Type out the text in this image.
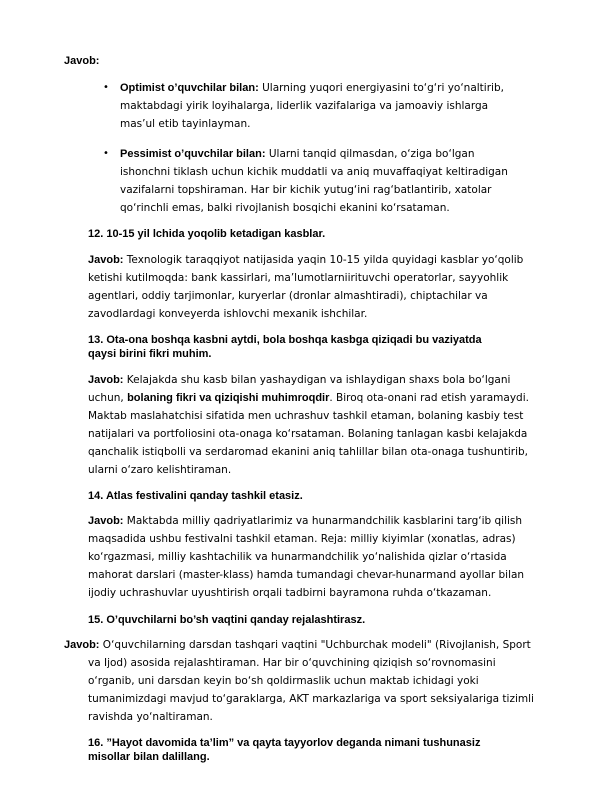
Javob:
• Optimist o’quvchilar bilan: Ularning yuqori energiyasini to‘g‘ri yo‘naltirib,
maktabdagi yirik loyihalarga, liderlik vazifalariga va jamoaviy ishlarga
mas’ul etib tayinlayman.
• Pessimist o’quvchilar bilan: Ularni tanqid qilmasdan, o‘ziga bo‘lgan
ishonchni tiklash uchun kichik muddatli va aniq muvaffaqiyat keltiradigan
vazifalarni topshiraman. Har bir kichik yutug‘ini rag‘batlantirib, xatolar
qo‘rinchli emas, balki rivojlanish bosqichi ekanini ko‘rsataman.
12. 10-15 yil lchida yoqolib ketadigan kasblar.
Javob: Texnologik taraqqiyot natijasida yaqin 10-15 yilda quyidagi kasblar yo‘qolib
ketishi kutilmoqda: bank kassirlari, ma’lumotlarniirituvchi operatorlar, sayyohlik
agentlari, oddiy tarjimonlar, kuryerlar (dronlar almashtiradi), chiptachilar va
zavodlardagi konveyerda ishlovchi mexanik ishchilar.
13. Ota-ona boshqa kasbni aytdi, bola boshqa kasbga qiziqadi bu vaziyatda
qaysi birini fikri muhim.
Javob: Kelajakda shu kasb bilan yashaydigan va ishlaydigan shaxs bola bo‘lgani
uchun, bolaning fikri va qiziqishi muhimroqdir. Biroq ota-onani rad etish yaramaydi.
Maktab maslahatchisi sifatida men uchrashuv tashkil etaman, bolaning kasbiy test
natijalari va portfoliosini ota-onaga ko‘rsataman. Bolaning tanlagan kasbi kelajakda
qanchalik istiqbolli va serdaromad ekanini aniq tahlillar bilan ota-onaga tushuntirib,
ularni o‘zaro kelishtiraman.
14. Atlas festivalini qanday tashkil etasiz.
Javob: Maktabda milliy qadriyatlarimiz va hunarmandchilik kasblarini targ‘ib qilish
maqsadida ushbu festivalni tashkil etaman. Reja: milliy kiyimlar (xonatlas, adras)
ko‘rgazmasi, milliy kashtachilik va hunarmandchilik yo‘nalishida qizlar o‘rtasida
mahorat darslari (master-klass) hamda tumandagi chevar-hunarmand ayollar bilan
ijodiy uchrashuvlar uyushtirish orqali tadbirni bayramona ruhda o‘tkazaman.
15. O’quvchilarni bo’sh vaqtini qanday rejalashtirasz.
Javob: O‘quvchilarning darsdan tashqari vaqtini "Uchburchak modeli" (Rivojlanish, Sport
va Ijod) asosida rejalashtiraman. Har bir o‘quvchining qiziqish so‘rovnomasini
o‘rganib, uni darsdan keyin bo‘sh qoldirmaslik uchun maktab ichidagi yoki
tumanimizdagi mavjud to‘garaklarga, AKT markazlariga va sport seksiyalariga tizimli
ravishda yo‘naltiraman.
16. ”Hayot davomida ta’lim” va qayta tayyorlov deganda nimani tushunasiz
misollar bilan dalillang.
